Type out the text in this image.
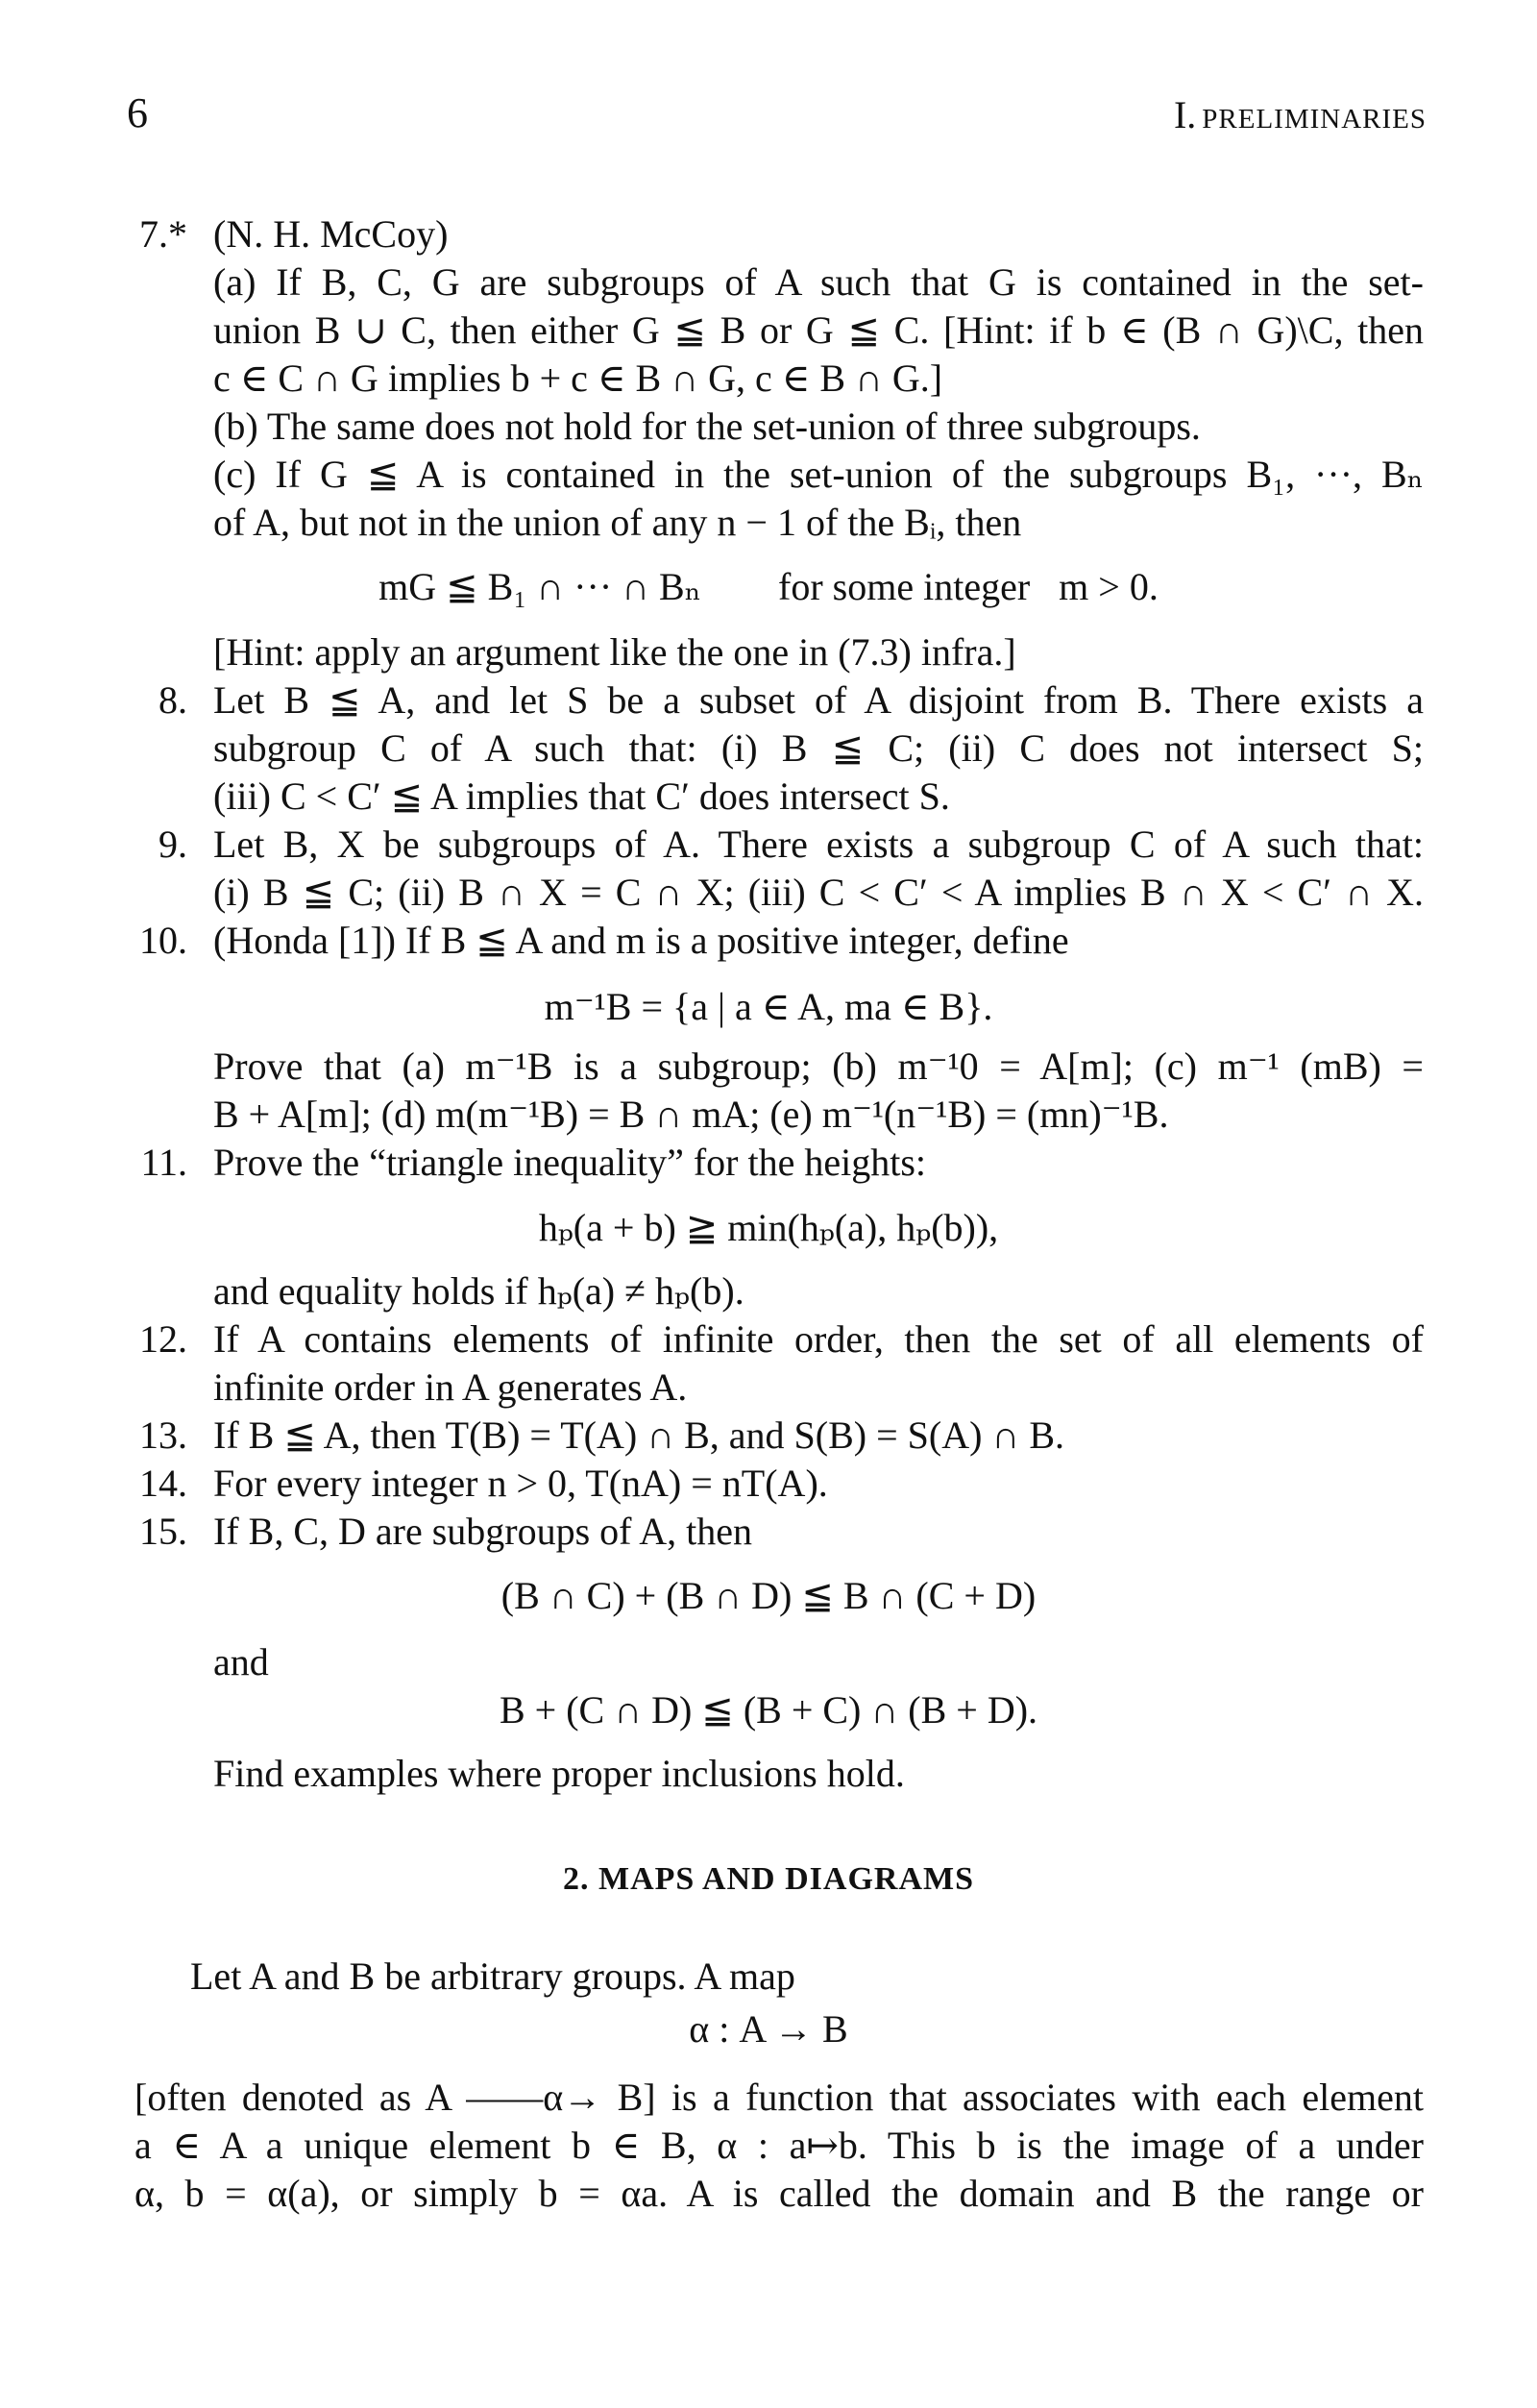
6	I. PRELIMINARIES
7.* (N. H. McCoy)
(a) If B, C, G are subgroups of A such that G is contained in the set-
union B ∪ C, then either G ≦ B or G ≦ C. [Hint: if b ∈ (B ∩ G)\C, then
c ∈ C ∩ G implies b + c ∈ B ∩ G, c ∈ B ∩ G.]
(b) The same does not hold for the set-union of three subgroups.
(c) If G ≦ A is contained in the set-union of the subgroups B₁, ···, Bₙ
of A, but not in the union of any n − 1 of the Bᵢ, then
mG ≦ B₁ ∩ ··· ∩ Bₙ        for some integer   m > 0.
[Hint: apply an argument like the one in (7.3) infra.]
8. Let B ≦ A, and let S be a subset of A disjoint from B. There exists a
subgroup C of A such that: (i) B ≦ C; (ii) C does not intersect S;
(iii) C < C′ ≦ A implies that C′ does intersect S.
9. Let B, X be subgroups of A. There exists a subgroup C of A such that:
(i) B ≦ C; (ii) B ∩ X = C ∩ X; (iii) C < C′ < A implies B ∩ X < C′ ∩ X.
10. (Honda [1]) If B ≦ A and m is a positive integer, define
m⁻¹B = {a | a ∈ A, ma ∈ B}.
Prove that (a) m⁻¹B is a subgroup; (b) m⁻¹0 = A[m]; (c) m⁻¹ (mB) =
B + A[m]; (d) m(m⁻¹B) = B ∩ mA; (e) m⁻¹(n⁻¹B) = (mn)⁻¹B.
11. Prove the “triangle inequality” for the heights:
hₚ(a + b) ≧ min(hₚ(a), hₚ(b)),
and equality holds if hₚ(a) ≠ hₚ(b).
12. If A contains elements of infinite order, then the set of all elements of
infinite order in A generates A.
13. If B ≦ A, then T(B) = T(A) ∩ B, and S(B) = S(A) ∩ B.
14. For every integer n > 0, T(nA) = nT(A).
15. If B, C, D are subgroups of A, then
(B ∩ C) + (B ∩ D) ≦ B ∩ (C + D)
and
B + (C ∩ D) ≦ (B + C) ∩ (B + D).
Find examples where proper inclusions hold.
2. MAPS AND DIAGRAMS
Let A and B be arbitrary groups. A map
α : A → B
[often denoted as A ——α→ B] is a function that associates with each element
a ∈ A a unique element b ∈ B, α : a↦b. This b is the image of a under
α, b = α(a), or simply b = αa. A is called the domain and B the range or
